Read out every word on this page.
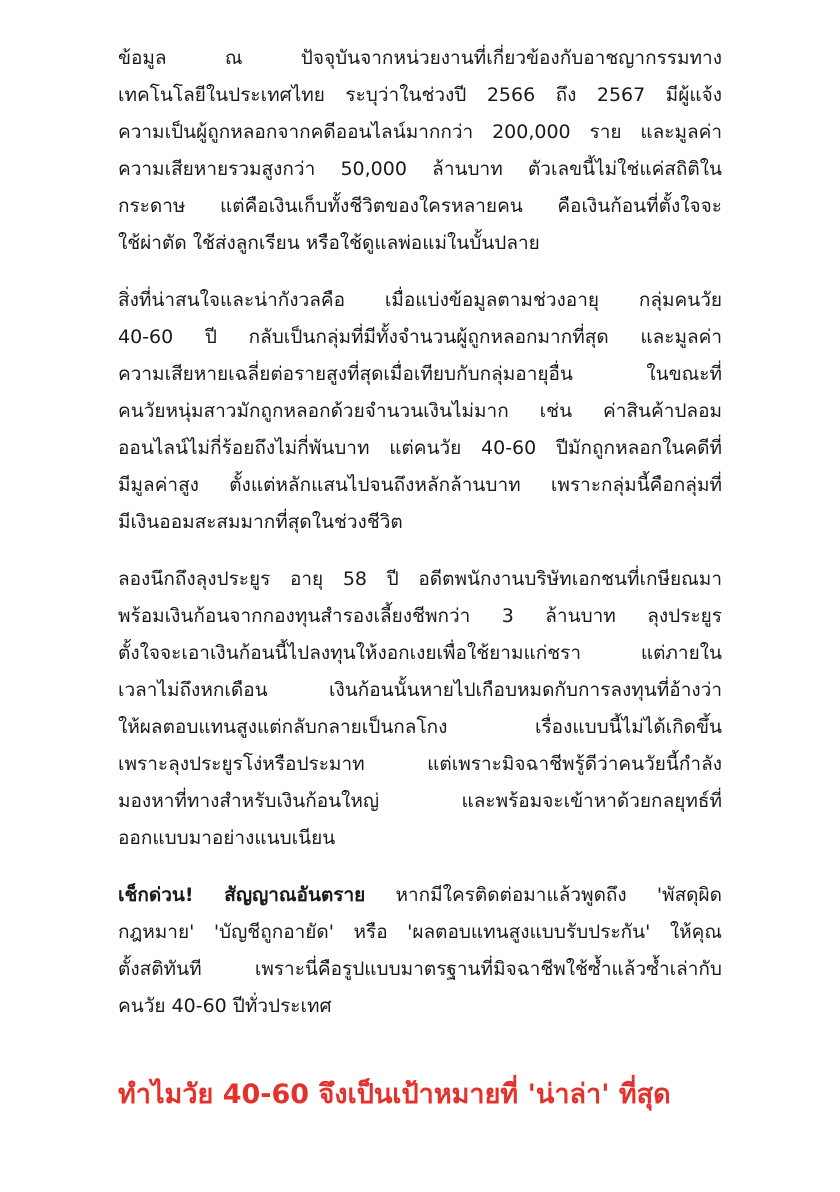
ข้อมูล ณ ปัจจุบันจากหน่วยงานที่เกี่ยวข้องกับอาชญากรรมทาง
เทคโนโลยีในประเทศไทย ระบุว่าในช่วงปี 2566 ถึง 2567 มีผู้แจ้ง
ความเป็นผู้ถูกหลอกจากคดีออนไลน์มากกว่า 200,000 ราย และมูลค่า
ความเสียหายรวมสูงกว่า 50,000 ล้านบาท ตัวเลขนี้ไม่ใช่แค่สถิติใน
กระดาษ แต่คือเงินเก็บทั้งชีวิตของใครหลายคน คือเงินก้อนที่ตั้งใจจะ
ใช้ผ่าตัด ใช้ส่งลูกเรียน หรือใช้ดูแลพ่อแม่ในบั้นปลาย

สิ่งที่น่าสนใจและน่ากังวลคือ เมื่อแบ่งข้อมูลตามช่วงอายุ กลุ่มคนวัย
40-60 ปี กลับเป็นกลุ่มที่มีทั้งจำนวนผู้ถูกหลอกมากที่สุด และมูลค่า
ความเสียหายเฉลี่ยต่อรายสูงที่สุดเมื่อเทียบกับกลุ่มอายุอื่น ในขณะที่
คนวัยหนุ่มสาวมักถูกหลอกด้วยจำนวนเงินไม่มาก เช่น ค่าสินค้าปลอม
ออนไลน์ไม่กี่ร้อยถึงไม่กี่พันบาท แต่คนวัย 40-60 ปีมักถูกหลอกในคดีที่
มีมูลค่าสูง ตั้งแต่หลักแสนไปจนถึงหลักล้านบาท เพราะกลุ่มนี้คือกลุ่มที่
มีเงินออมสะสมมากที่สุดในช่วงชีวิต

ลองนึกถึงลุงประยูร อายุ 58 ปี อดีตพนักงานบริษัทเอกชนที่เกษียณมา
พร้อมเงินก้อนจากกองทุนสำรองเลี้ยงชีพกว่า 3 ล้านบาท ลุงประยูร
ตั้งใจจะเอาเงินก้อนนี้ไปลงทุนให้งอกเงยเพื่อใช้ยามแก่ชรา แต่ภายใน
เวลาไม่ถึงหกเดือน เงินก้อนนั้นหายไปเกือบหมดกับการลงทุนที่อ้างว่า
ให้ผลตอบแทนสูงแต่กลับกลายเป็นกลโกง เรื่องแบบนี้ไม่ได้เกิดขึ้น
เพราะลุงประยูรโง่หรือประมาท แต่เพราะมิจฉาชีพรู้ดีว่าคนวัยนี้กำลัง
มองหาที่ทางสำหรับเงินก้อนใหญ่ และพร้อมจะเข้าหาด้วยกลยุทธ์ที่
ออกแบบมาอย่างแนบเนียน

เช็กด่วน! สัญญาณอันตราย หากมีใครติดต่อมาแล้วพูดถึง 'พัสดุผิด
กฎหมาย' 'บัญชีถูกอายัด' หรือ 'ผลตอบแทนสูงแบบรับประกัน' ให้คุณ
ตั้งสติทันที เพราะนี่คือรูปแบบมาตรฐานที่มิจฉาชีพใช้ซ้ำแล้วซ้ำเล่ากับ
คนวัย 40-60 ปีทั่วประเทศ

ทำไมวัย 40-60 จึงเป็นเป้าหมายที่ 'น่าล่า' ที่สุด
